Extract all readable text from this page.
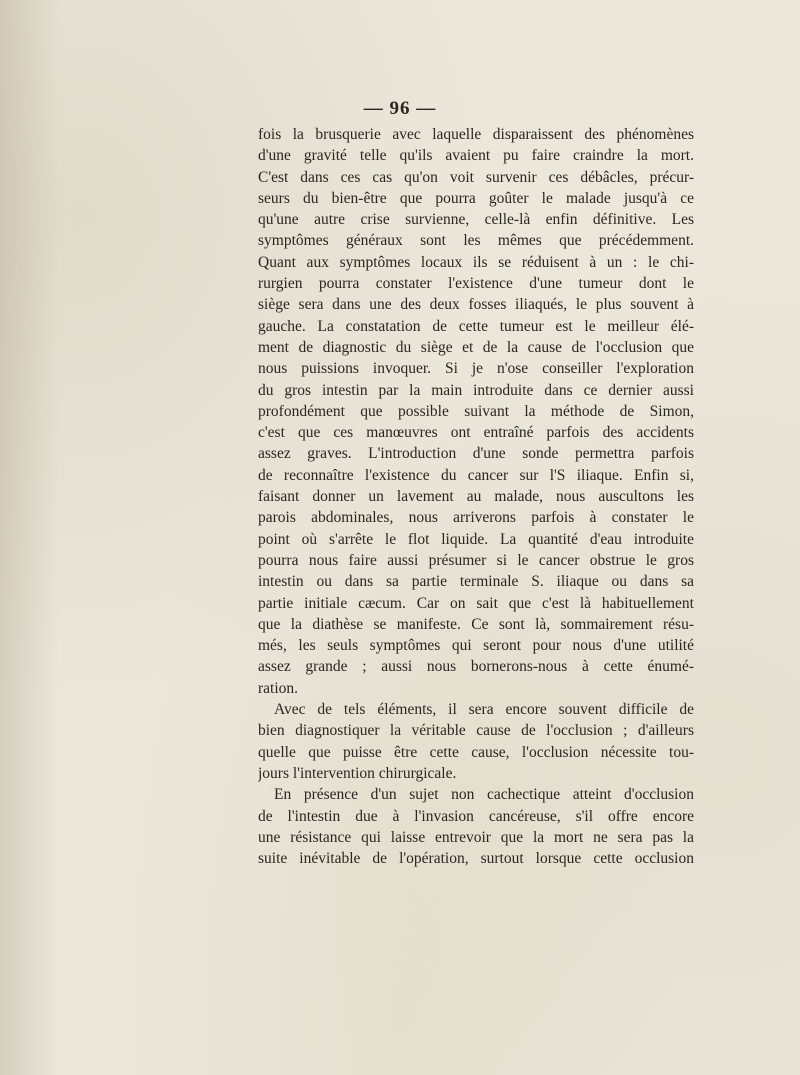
— 96 —
fois la brusquerie avec laquelle disparaissent des phénomènes
d'une gravité telle qu'ils avaient pu faire craindre la mort.
C'est dans ces cas qu'on voit survenir ces débâcles, précur-
seurs du bien-être que pourra goûter le malade jusqu'à ce
qu'une autre crise survienne, celle-là enfin définitive. Les
symptômes généraux sont les mêmes que précédemment.
Quant aux symptômes locaux ils se réduisent à un : le chi-
rurgien pourra constater l'existence d'une tumeur dont le
siège sera dans une des deux fosses iliaqués, le plus souvent à
gauche. La constatation de cette tumeur est le meilleur élé-
ment de diagnostic du siège et de la cause de l'occlusion que
nous puissions invoquer. Si je n'ose conseiller l'exploration
du gros intestin par la main introduite dans ce dernier aussi
profondément que possible suivant la méthode de Simon,
c'est que ces manœuvres ont entraîné parfois des accidents
assez graves. L'introduction d'une sonde permettra parfois
de reconnaître l'existence du cancer sur l'S iliaque. Enfin si,
faisant donner un lavement au malade, nous auscultons les
parois abdominales, nous arriverons parfois à constater le
point où s'arrête le flot liquide. La quantité d'eau introduite
pourra nous faire aussi présumer si le cancer obstrue le gros
intestin ou dans sa partie terminale S. iliaque ou dans sa
partie initiale cæcum. Car on sait que c'est là habituellement
que la diathèse se manifeste. Ce sont là, sommairement résu-
més, les seuls symptômes qui seront pour nous d'une utilité
assez grande ; aussi nous bornerons-nous à cette énumé-
ration.
Avec de tels éléments, il sera encore souvent difficile de
bien diagnostiquer la véritable cause de l'occlusion ; d'ailleurs
quelle que puisse être cette cause, l'occlusion nécessite tou-
jours l'intervention chirurgicale.
En présence d'un sujet non cachectique atteint d'occlusion
de l'intestin due à l'invasion cancéreuse, s'il offre encore
une résistance qui laisse entrevoir que la mort ne sera pas la
suite inévitable de l'opération, surtout lorsque cette occlusion
